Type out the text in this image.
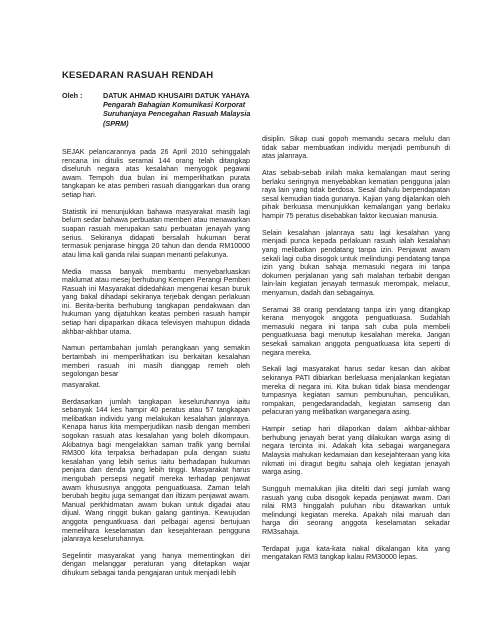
KESEDARAN RASUAH RENDAH
Oleh :	DATUK AHMAD KHUSAIRI DATUK YAHAYA
Pengarah Bahagian Komunikasi Korporat
Suruhanjaya Pencegahan Rasuah Malaysia
(SPRM)

SEJAK pelancarannya pada 26 April 2010 sehinggalah rencana ini ditulis seramai 144 orang telah ditangkap diseluruh negara atas kesalahan menyogok pegawai awam. Tempoh dua bulan ini memperlihatkan purata tangkapan ke atas pemberi rasuah dianggarkan dua orang setiap hari.

Statistik ini menunjukkan bahawa masyarakat masih lagi belum sedar bahawa perbuatan memberi atau menawarkan suapan rasuah merupakan satu perbuatan jenayah yang serius. Sekiranya didapati bersalah hukuman berat termasuk penjarase hingga 20 tahun dan denda RM10000 atau lima kali ganda nilai suapan menanti pelakunya.

Media massa banyak membantu menyebarluaskan maklumat atau mesej berhubung Kempen Perangi Pemberi Rasuah ini Masyarakat didedahkan mengenai kesan buruk yang bakal dihadapi sekiranya terjebak dengan perlakuan ini. Berita-berita berhubung tangkapan pendakwaan dan hukuman yang dijatuhkan keatas pemberi rasuah hampir setiap hari dipaparkan dikaca televisyen mahupun didada akhbar-akhbar utama.

Namun pertambahan jumlah perangkaan yang semakin bertambah ini memperlihatkan isu berkaitan kesalahan memberi rasuah ini masih dianggap remeh oleh segolongan besar

masyarakat.

Berdasarkan jumlah tangkapan keseluruhannya iaitu sebanyak 144 kes hampir 40 peratus atau 57 tangkapan melibatkan individu yang melakukan kesalahan jalanraya. Kenapa harus kita memperjudikan nasib dengan memberi sogokan rasuah atas kesalahan yang boleh dikompaun. Akibatnya bagi mengelakkan saman trafik yang bernilai RM300 kita terpaksa berhadapan pula dengan suatu kesalahan yang lebih serius iaitu berhadapan hukuman penjara dan denda yang lebih tinggi. Masyarakat harus mengubah persepsi negatif mereka terhadap penjawat awam khususnya anggota penguatkuasa. Zaman telah berubah begitu juga semangat dan iltizam penjawat awam. Manual perkhidmatan awam bukan untuk digadai atau dijual. Wang ringgit bukan galang gantinya. Kewujudan anggota penguatkuasa dari pelbagai agensi bertujuan memelihara keselamatan dan kesejahteraan pengguna jalanraya keseluruhannya.

Segelintir masyarakat yang hanya mementingkan diri dengan melanggar peraturan yang ditetapkan wajar dihukum sebagai tanda pengajaran untuk menjadi lebih

disiplin. Sikap cuai gopoh memandu secara melulu dan tidak sabar membuatkan individu menjadi pembunuh di atas jalanraya.

Atas sebab-sebab inilah maka kemalangan maut sering berlaku seringnya menyebabkan kematian pengguna jalan raya lain yang tidak berdosa. Sesal dahulu berpendapatan sesal kemudian tiada gunanya. Kajian yang dijalankan oleh pihak berkuasa menunjukkan kemalangan yang berlaku hampir 75 peratus disebabkan faktor kecuaian manusia.

Selain kesalahan jalanraya satu lagi kesalahan yang menjadi punca kepada perlakuan rasuah ialah kesalahan yang melibatkan pendatang tanpa izin. Penjawat awam sekali lagi cuba disogok untuk melindungi pendatang tanpa izin yang bukan sahaja memasuki negara ini tanpa dokumen perjalanan yang sah malahan terbabit dengan lain-lain kegiatan jenayah termasuk merompak, melacur, menyamun, dadah dan sebagainya.

Seramai 38 orang pendatang tanpa izin yang ditangkap kerana menyogok anggota penguatkuasa. Sudahlah memasuki negara ini tanpa sah cuba pula membeli penguatkuasa bagi menutup kesalahan mereka. Jangan sesekali samakan anggota penguatkuasa kita seperti di negara mereka.

Sekali lagi masyarakat harus sedar kesan dan akibat sekiranya PATI dibiarkan berleluasa menjalankan kegiatan mereka di negara ini. Kita bukan tidak biasa mendengar tumpasnya kegiatan samun pembunuhan, penculikan, rompakan, pengedarandadah, kegiatan samseng dan pelacuran yang melibatkan warganegara asing.

Hampir setiap hari dilaporkan dalam akhbar-akhbar berhubung jenayah berat yang dilakukan warga asing di negara tercinta ini. Adakah kita sebagai warganegara Malaysia mahukan kedamaian dan kesejahteraan yang kita nikmati ini diragut begitu sahaja oleh kegiatan jenayah warga asing.

Sungguh memalukan jika diteliti dari segi jumlah wang rasuah yang cuba disogok kepada penjawat awam. Dari nilai RM3 hinggalah puluhan ribu ditawarkan untuk melindungi kegiatan mereka. Apakah nilai maruah dan harga diri seorang anggota keselamatan sekadar RM3sahaja.

Terdapat juga kata-kata nakal dikalangan kita yang mengatakan RM3 tangkap kalau RM30000 lepas.
